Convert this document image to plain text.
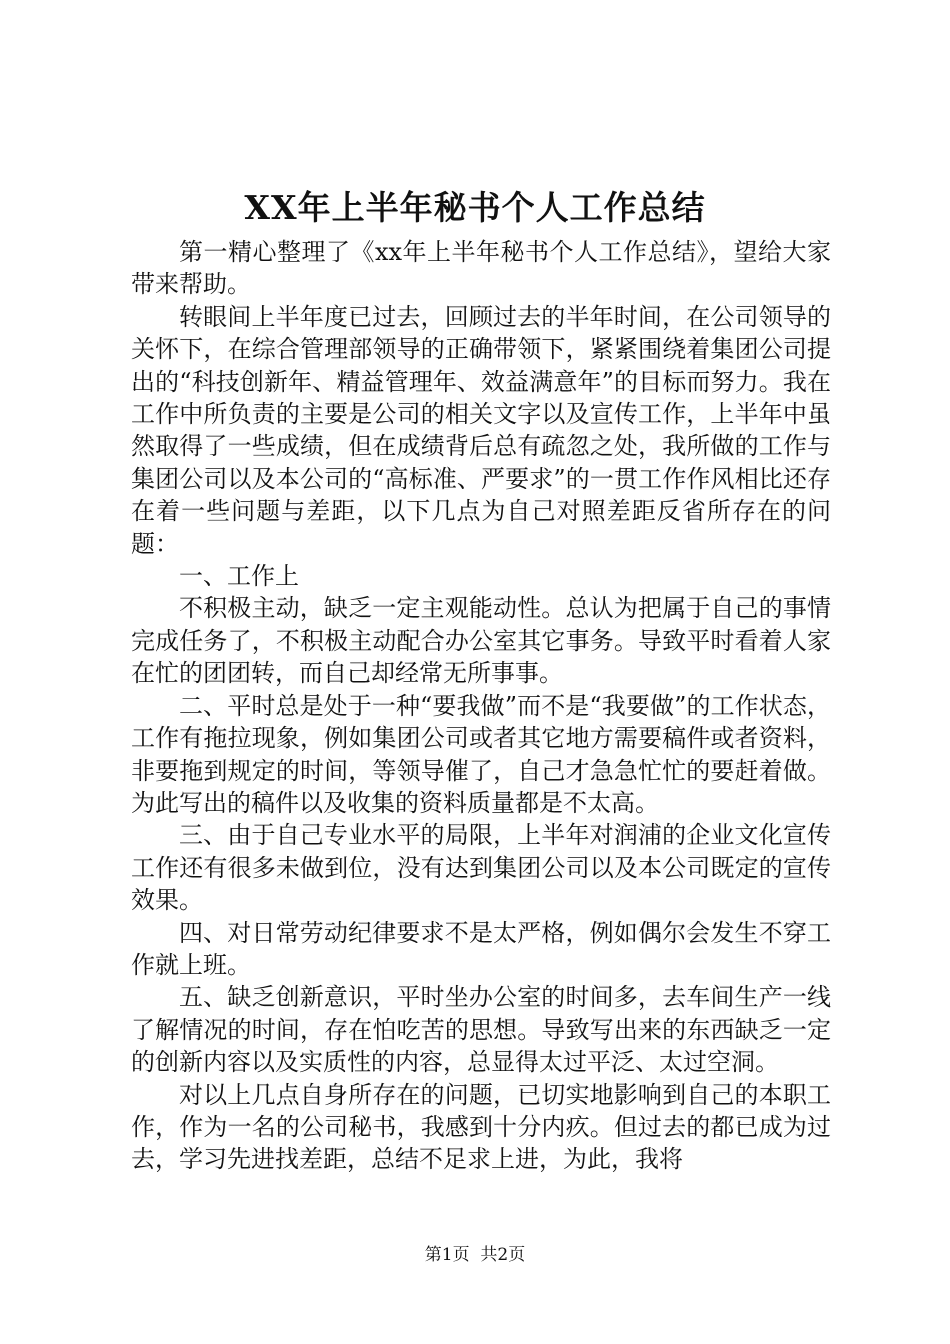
XX年上半年秘书个人工作总结

第一精心整理了《xx年上半年秘书个人工作总结》，望给大家带来帮助。

转眼间上半年度已过去，回顾过去的半年时间，在公司领导的关怀下，在综合管理部领导的正确带领下，紧紧围绕着集团公司提出的“科技创新年、精益管理年、效益满意年”的目标而努力。我在工作中所负责的主要是公司的相关文字以及宣传工作，上半年中虽然取得了一些成绩，但在成绩背后总有疏忽之处，我所做的工作与集团公司以及本公司的“高标准、严要求”的一贯工作作风相比还存在着一些问题与差距，以下几点为自己对照差距反省所存在的问题：

一、工作上

不积极主动，缺乏一定主观能动性。总认为把属于自己的事情完成任务了，不积极主动配合办公室其它事务。导致平时看着人家在忙的团团转，而自己却经常无所事事。

二、平时总是处于一种“要我做”而不是“我要做”的工作状态，工作有拖拉现象，例如集团公司或者其它地方需要稿件或者资料，非要拖到规定的时间，等领导催了，自己才急急忙忙的要赶着做。为此写出的稿件以及收集的资料质量都是不太高。

三、由于自己专业水平的局限，上半年对润浦的企业文化宣传工作还有很多未做到位，没有达到集团公司以及本公司既定的宣传效果。

四、对日常劳动纪律要求不是太严格，例如偶尔会发生不穿工作就上班。

五、缺乏创新意识，平时坐办公室的时间多，去车间生产一线了解情况的时间，存在怕吃苦的思想。导致写出来的东西缺乏一定的创新内容以及实质性的内容，总显得太过平泛、太过空洞。

对以上几点自身所存在的问题，已切实地影响到自己的本职工作，作为一名的公司秘书，我感到十分内疚。但过去的都已成为过去，学习先进找差距，总结不足求上进，为此，我将

第1页 共2页
